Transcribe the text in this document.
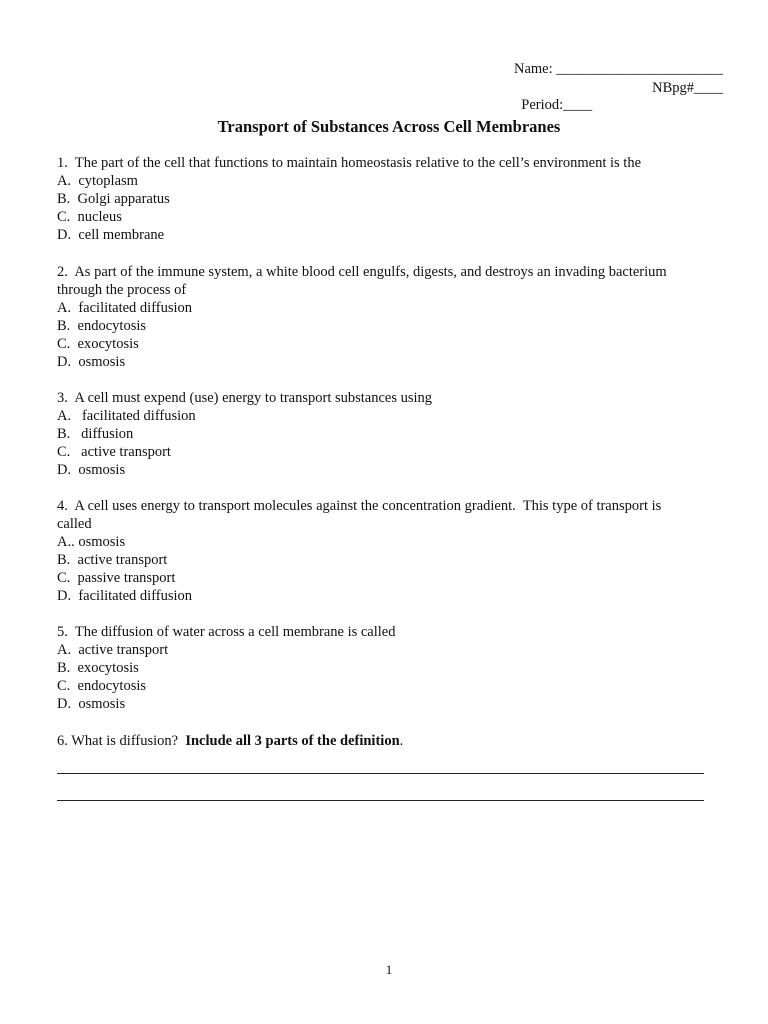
Name: _______________________

Period:____

NBpg#____

Transport of Substances Across Cell Membranes
1.  The part of the cell that functions to maintain homeostasis relative to the cell’s environment is the
A.  cytoplasm
B.  Golgi apparatus
C.  nucleus
D.  cell membrane
2.  As part of the immune system, a white blood cell engulfs, digests, and destroys an invading bacterium
through the process of
A.  facilitated diffusion
B.  endocytosis
C.  exocytosis
D.  osmosis
3.  A cell must expend (use) energy to transport substances using
A.   facilitated diffusion
B.   diffusion
C.   active transport
D.  osmosis
4.  A cell uses energy to transport molecules against the concentration gradient.  This type of transport is
called
A.. osmosis
B.  active transport
C.  passive transport
D.  facilitated diffusion
5.  The diffusion of water across a cell membrane is called
A.  active transport
B.  exocytosis
C.  endocytosis
D.  osmosis
6. What is diffusion?  Include all 3 parts of the definition.
1
